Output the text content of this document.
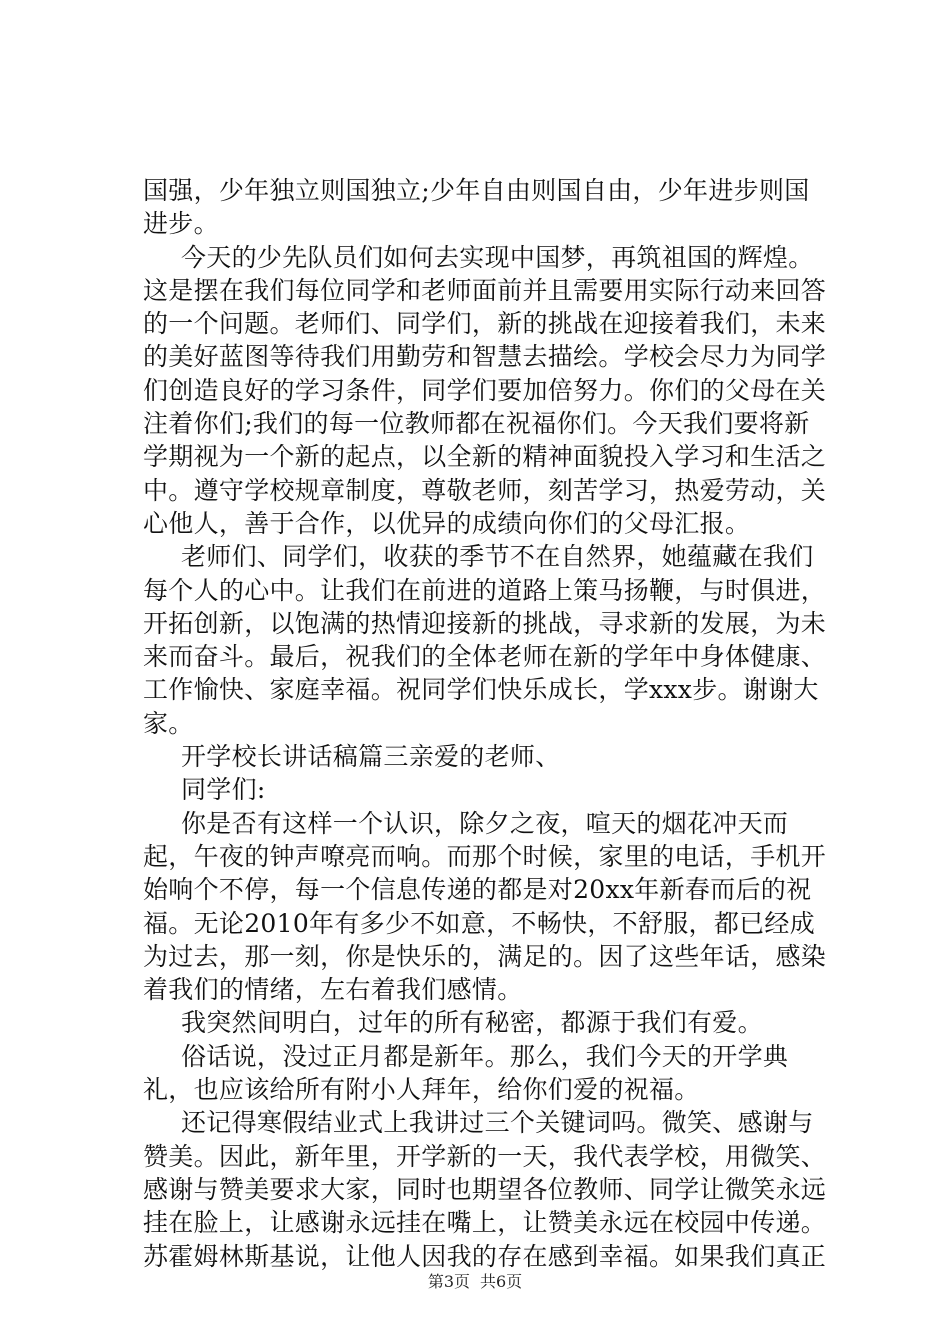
国强，少年独立则国独立;少年自由则国自由，少年进步则国进步。

今天的少先队员们如何去实现中国梦，再筑祖国的辉煌。这是摆在我们每位同学和老师面前并且需要用实际行动来回答的一个问题。老师们、同学们，新的挑战在迎接着我们，未来的美好蓝图等待我们用勤劳和智慧去描绘。学校会尽力为同学们创造良好的学习条件，同学们要加倍努力。你们的父母在关注着你们;我们的每一位教师都在祝福你们。今天我们要将新学期视为一个新的起点，以全新的精神面貌投入学习和生活之中。遵守学校规章制度，尊敬老师，刻苦学习，热爱劳动，关心他人，善于合作，以优异的成绩向你们的父母汇报。

老师们、同学们，收获的季节不在自然界，她蕴藏在我们每个人的心中。让我们在前进的道路上策马扬鞭，与时俱进，开拓创新，以饱满的热情迎接新的挑战，寻求新的发展，为未来而奋斗。最后，祝我们的全体老师在新的学年中身体健康、工作愉快、家庭幸福。祝同学们快乐成长，学xxx步。谢谢大家。

开学校长讲话稿篇三亲爱的老师、

同学们:

你是否有这样一个认识，除夕之夜，喧天的烟花冲天而起，午夜的钟声嘹亮而响。而那个时候，家里的电话，手机开始响个不停，每一个信息传递的都是对20xx年新春而后的祝福。无论2010年有多少不如意，不畅快，不舒服，都已经成为过去，那一刻，你是快乐的，满足的。因了这些年话，感染着我们的情绪，左右着我们感情。

我突然间明白，过年的所有秘密，都源于我们有爱。

俗话说，没过正月都是新年。那么，我们今天的开学典礼，也应该给所有附小人拜年，给你们爱的祝福。

还记得寒假结业式上我讲过三个关键词吗。微笑、感谢与赞美。因此，新年里，开学新的一天，我代表学校，用微笑、感谢与赞美要求大家，同时也期望各位教师、同学让微笑永远挂在脸上，让感谢永远挂在嘴上，让赞美永远在校园中传递。苏霍姆林斯基说，让他人因我的存在感到幸福。如果我们真正

第3页 共6页
